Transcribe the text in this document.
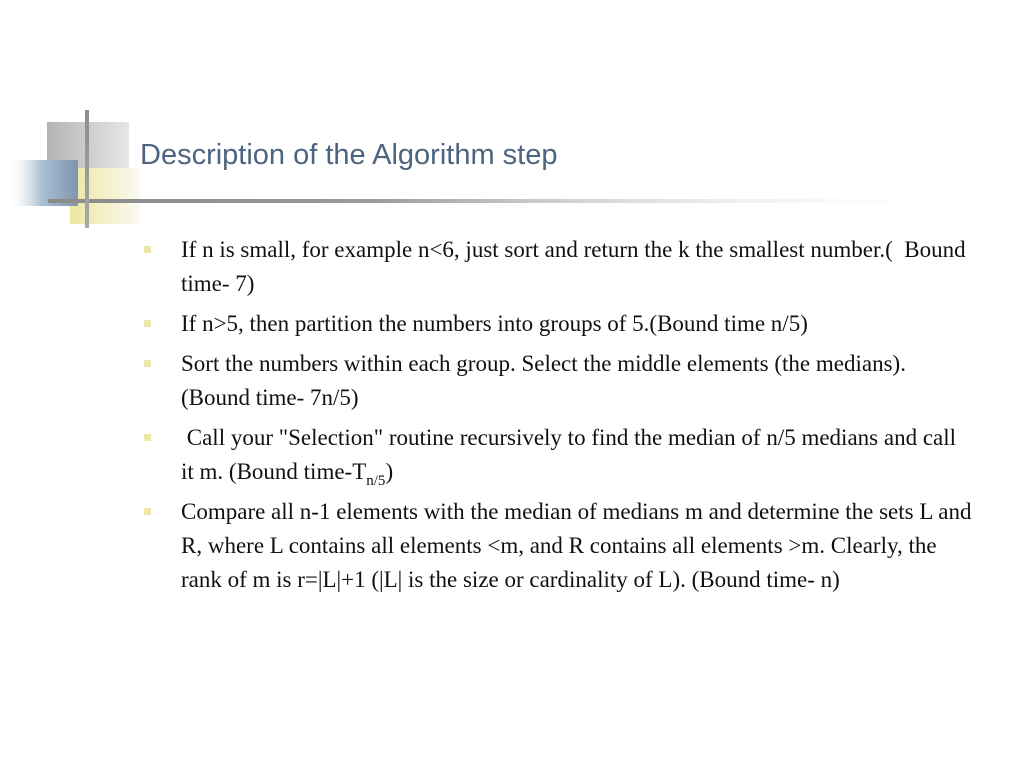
Description of the Algorithm step
If n is small, for example n<6, just sort and return the k the smallest number.(  Bound time- 7)
If n>5, then partition the numbers into groups of 5.(Bound time n/5)
Sort the numbers within each group. Select the middle elements (the medians). (Bound time- 7n/5)
Call your "Selection" routine recursively to find the median of n/5 medians and call it m. (Bound time-$T_{n/5}$)
Compare all n-1 elements with the median of medians m and determine the sets L and R, where L contains all elements <m, and R contains all elements >m. Clearly, the rank of m is r=|L|+1 (|L| is the size or cardinality of L). (Bound time- n)
